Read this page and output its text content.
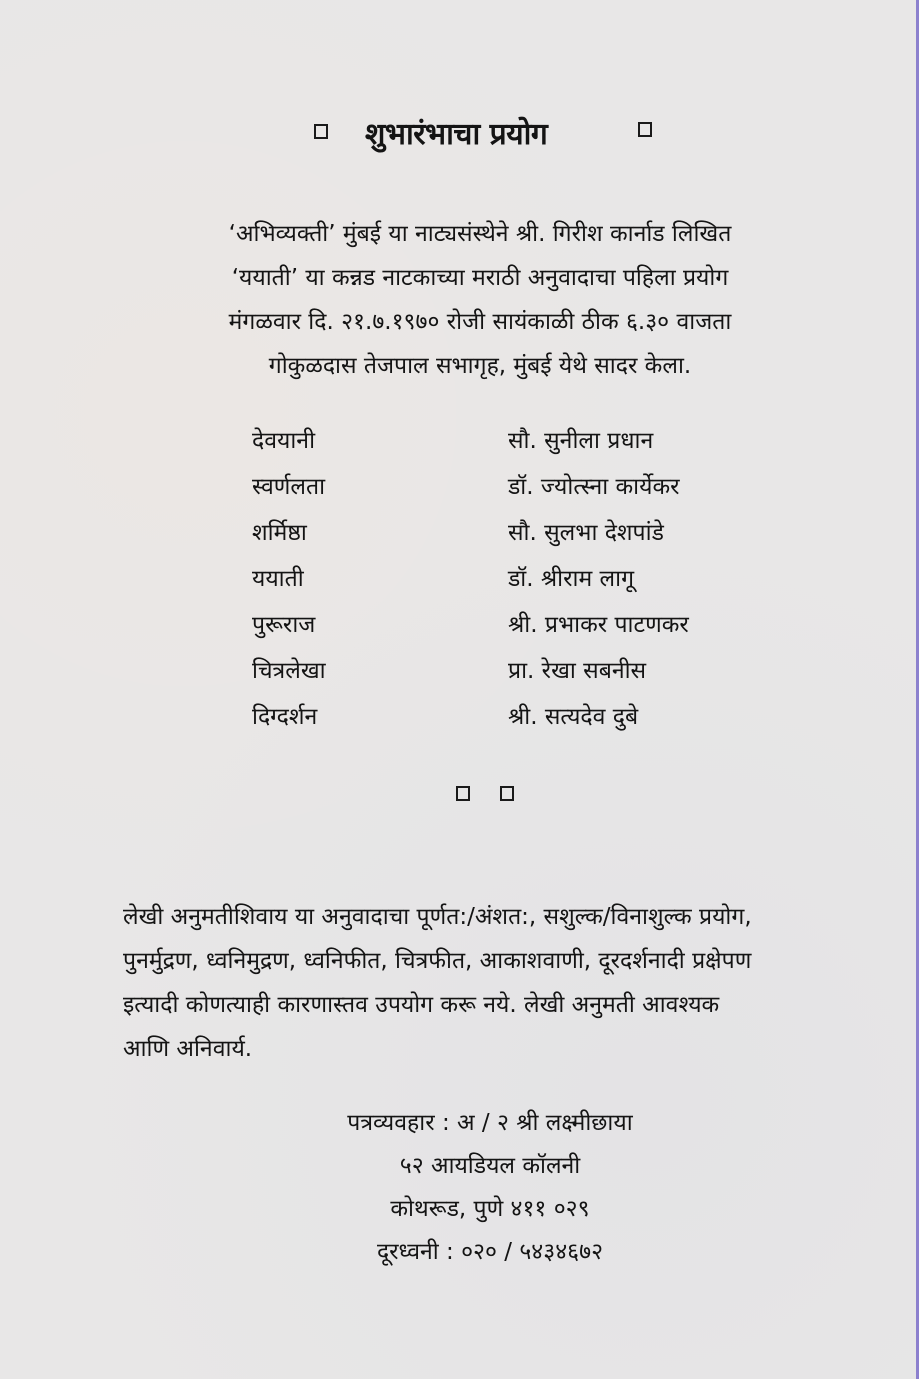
शुभारंभाचा प्रयोग
‘अभिव्यक्ती’ मुंबई या नाट्यसंस्थेने श्री. गिरीश कार्नाड लिखित
‘ययाती’ या कन्नड नाटकाच्या मराठी अनुवादाचा पहिला प्रयोग
मंगळवार दि. २१.७.१९७० रोजी सायंकाळी ठीक ६.३० वाजता
गोकुळदास तेजपाल सभागृह, मुंबई येथे सादर केला.
देवयानी	सौ. सुनीला प्रधान
स्वर्णलता	डॉ. ज्योत्स्ना कार्येकर
शर्मिष्ठा	सौ. सुलभा देशपांडे
ययाती	डॉ. श्रीराम लागू
पुरूराज	श्री. प्रभाकर पाटणकर
चित्रलेखा	प्रा. रेखा सबनीस
दिग्दर्शन	श्री. सत्यदेव दुबे
लेखी अनुमतीशिवाय या अनुवादाचा पूर्णत:/अंशत:, सशुल्क/विनाशुल्क प्रयोग,
पुनर्मुद्रण, ध्वनिमुद्रण, ध्वनिफीत, चित्रफीत, आकाशवाणी, दूरदर्शनादी प्रक्षेपण
इत्यादी कोणत्याही कारणास्तव उपयोग करू नये. लेखी अनुमती आवश्यक
आणि अनिवार्य.
पत्रव्यवहार : अ / २ श्री लक्ष्मीछाया
५२ आयडियल कॉलनी
कोथरूड, पुणे ४११ ०२९
दूरध्वनी : ०२० / ५४३४६७२
